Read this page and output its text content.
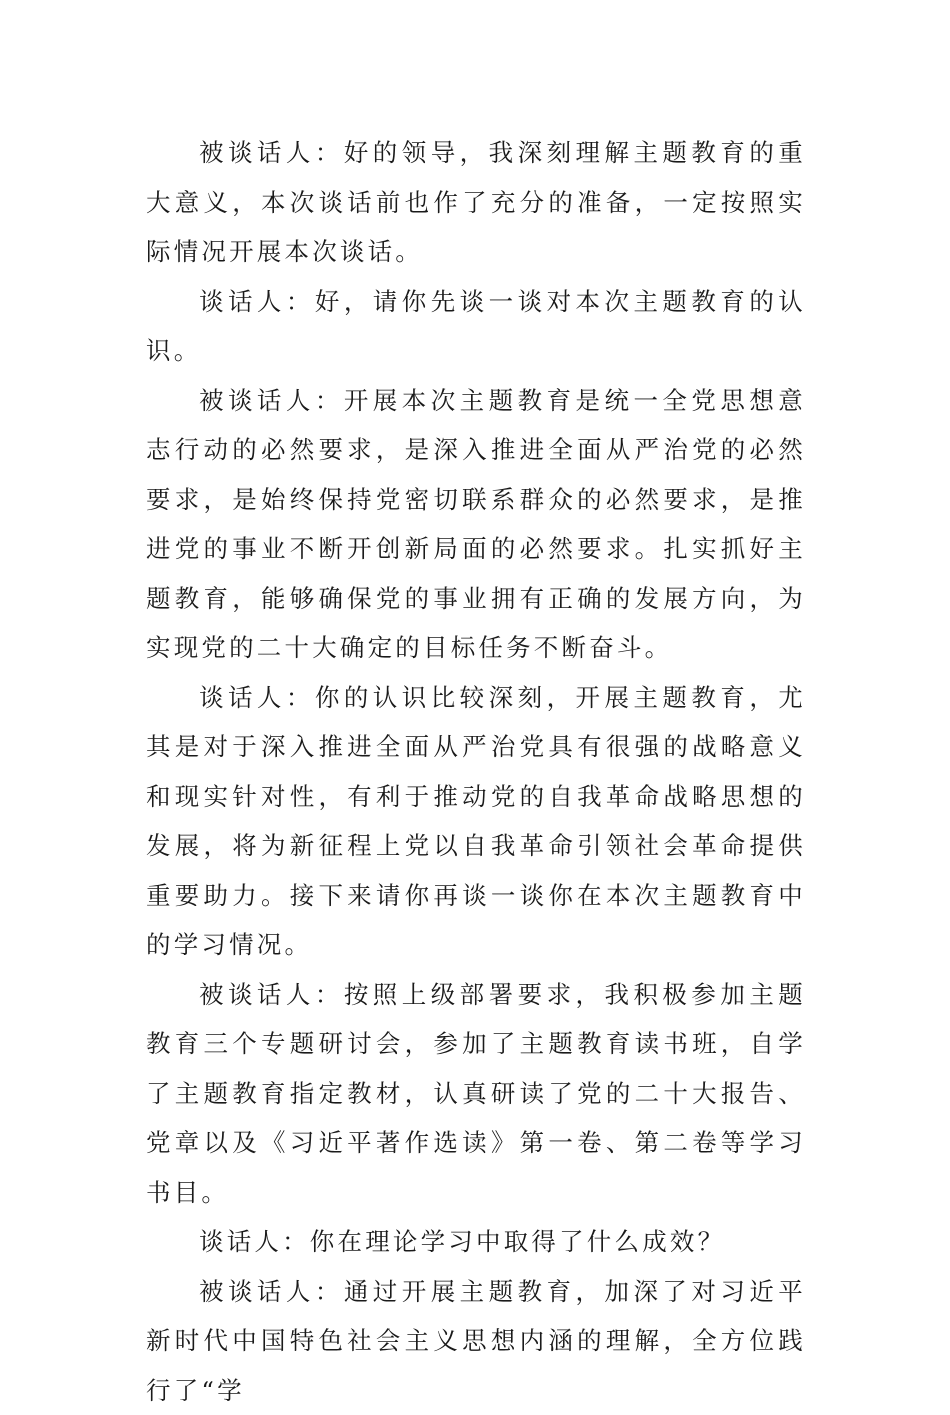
被谈话人：好的领导，我深刻理解主题教育的重大意义，本次谈话前也作了充分的准备，一定按照实际情况开展本次谈话。

谈话人：好，请你先谈一谈对本次主题教育的认识。

被谈话人：开展本次主题教育是统一全党思想意志行动的必然要求，是深入推进全面从严治党的必然要求，是始终保持党密切联系群众的必然要求，是推进党的事业不断开创新局面的必然要求。扎实抓好主题教育，能够确保党的事业拥有正确的发展方向，为实现党的二十大确定的目标任务不断奋斗。

谈话人：你的认识比较深刻，开展主题教育，尤其是对于深入推进全面从严治党具有很强的战略意义和现实针对性，有利于推动党的自我革命战略思想的发展，将为新征程上党以自我革命引领社会革命提供重要助力。接下来请你再谈一谈你在本次主题教育中的学习情况。

被谈话人：按照上级部署要求，我积极参加主题教育三个专题研讨会，参加了主题教育读书班，自学了主题教育指定教材，认真研读了党的二十大报告、党章以及《习近平著作选读》第一卷、第二卷等学习书目。

谈话人：你在理论学习中取得了什么成效？

被谈话人：通过开展主题教育，加深了对习近平新时代中国特色社会主义思想内涵的理解，全方位践行了“学
